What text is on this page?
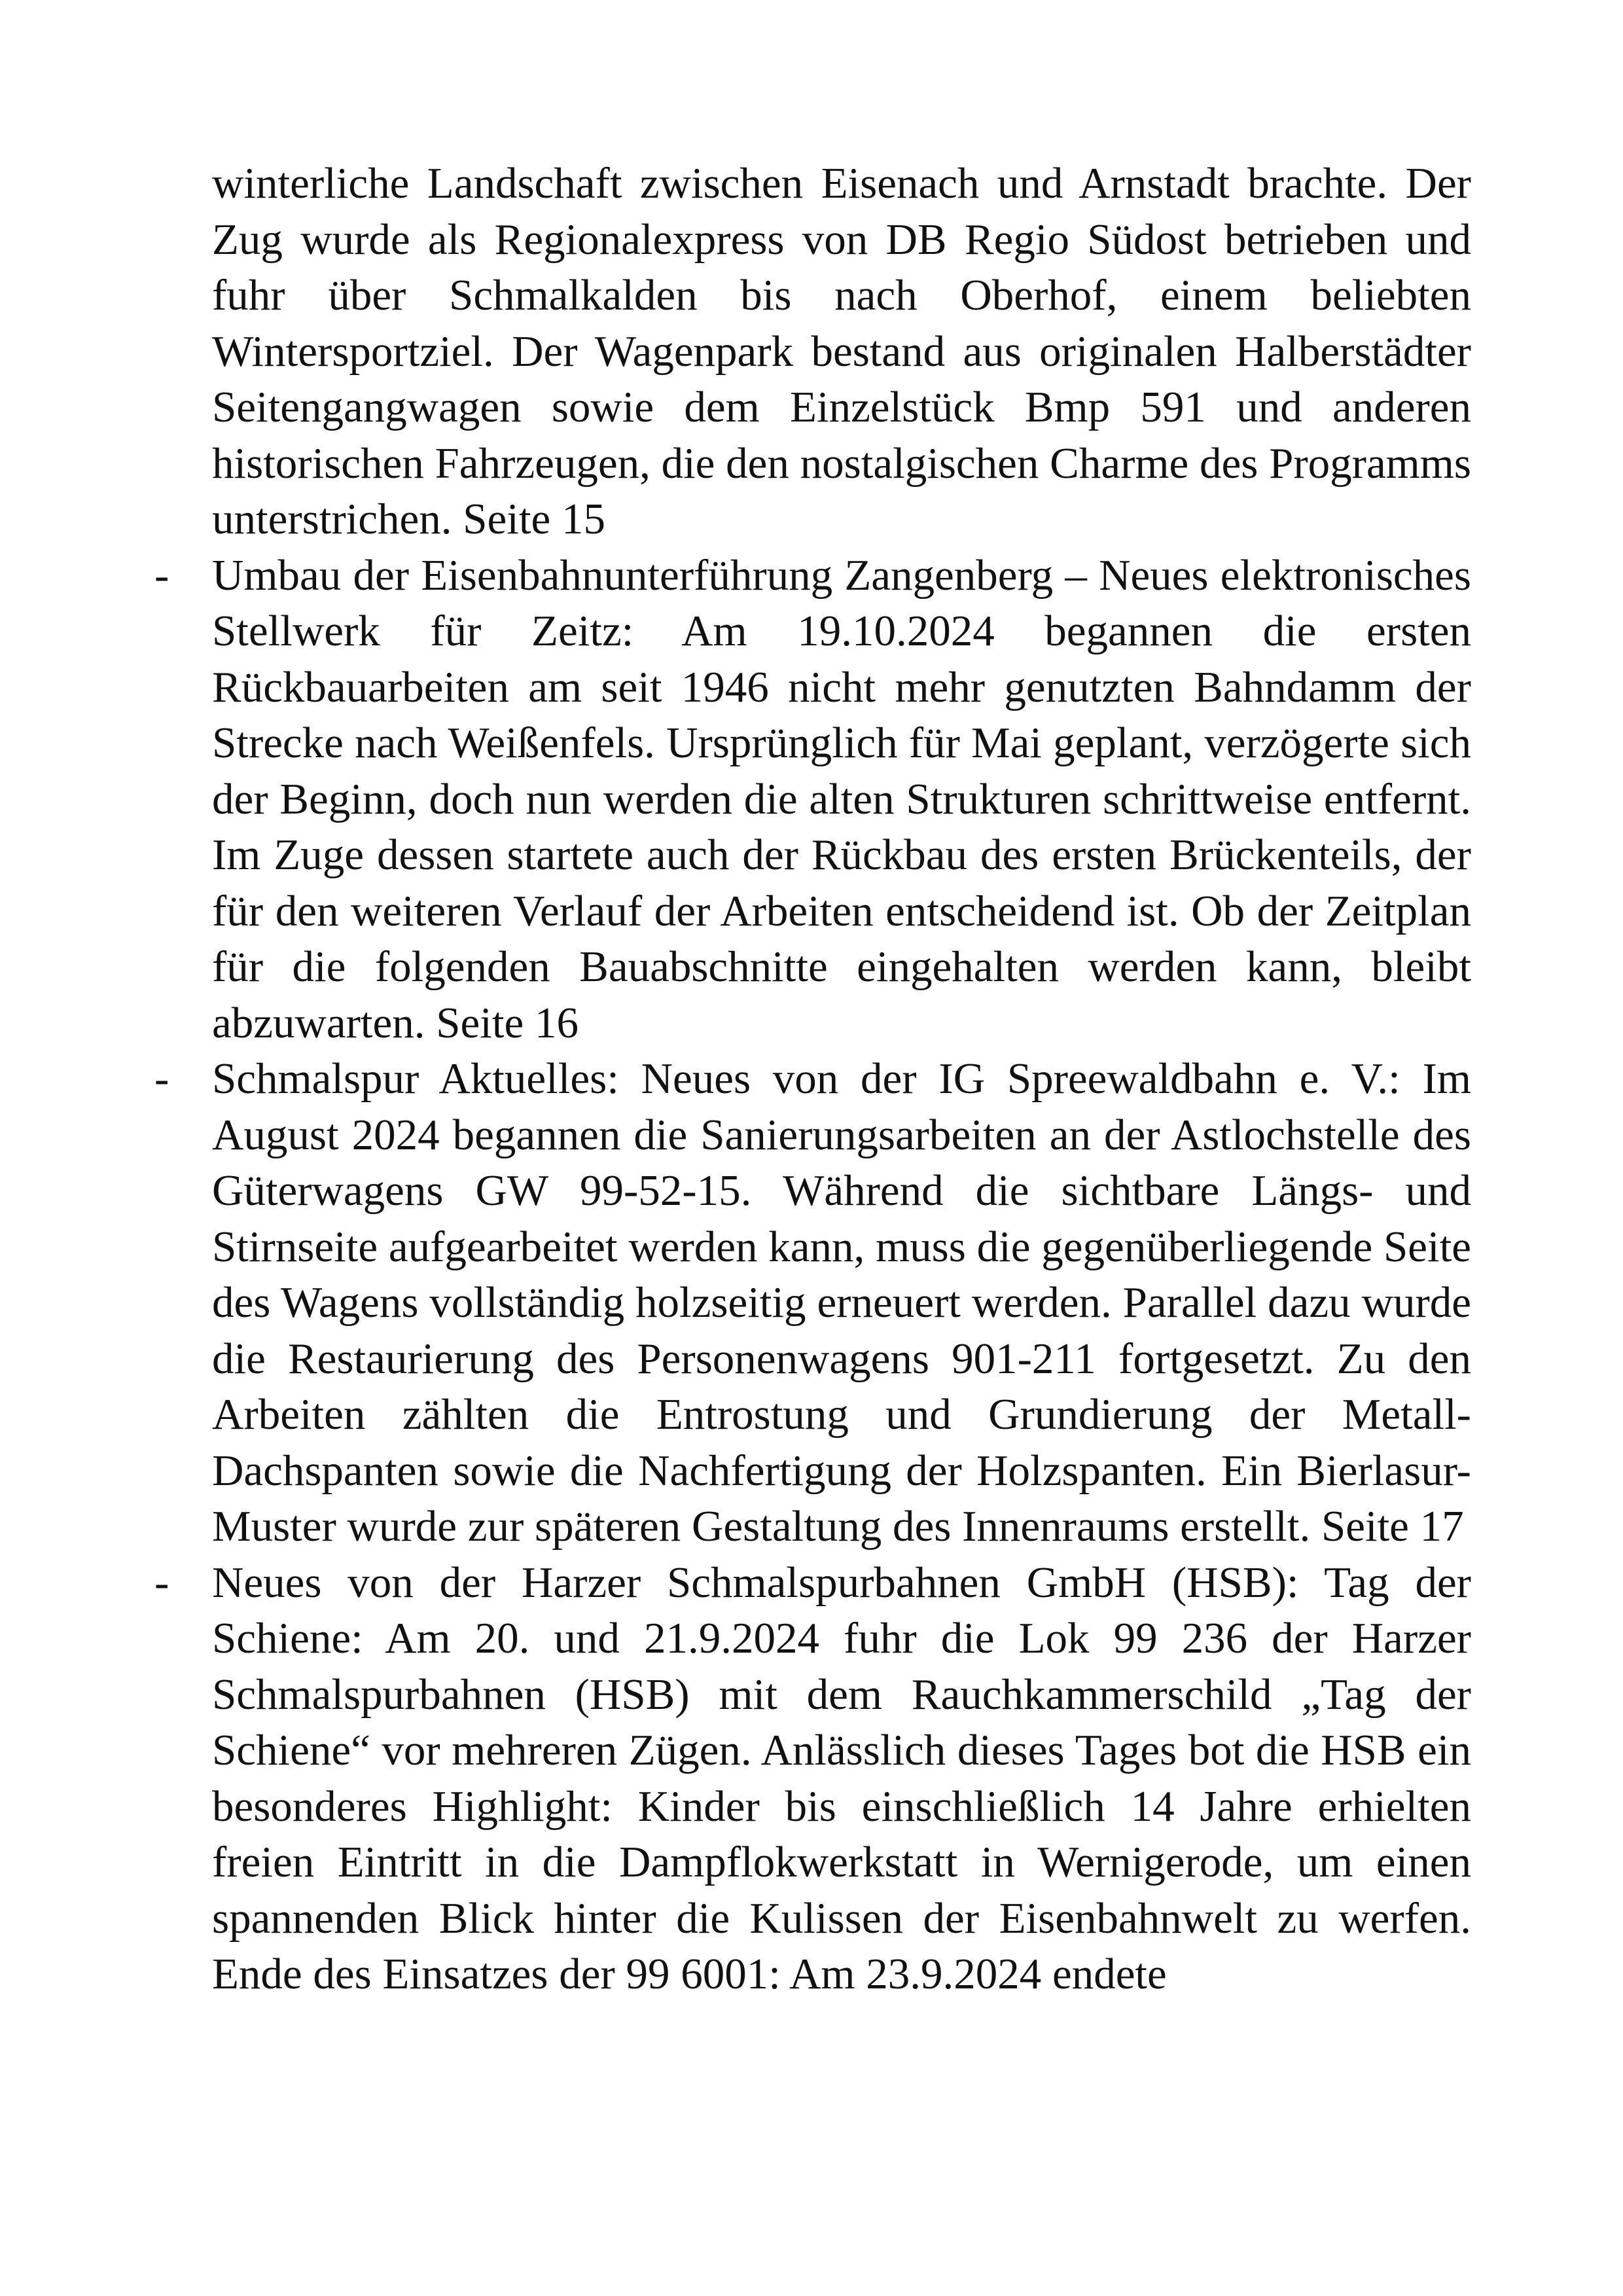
winterliche Landschaft zwischen Eisenach und Arnstadt brachte. Der Zug wurde als Regionalexpress von DB Regio Südost betrieben und fuhr über Schmalkalden bis nach Oberhof, einem beliebten Wintersportziel. Der Wagenpark bestand aus originalen Halberstädter Seitengangwagen sowie dem Einzelstück Bmp 591 und anderen historischen Fahrzeugen, die den nostalgischen Charme des Programms unterstrichen. Seite 15
- Umbau der Eisenbahnunterführung Zangenberg – Neues elektronisches Stellwerk für Zeitz: Am 19.10.2024 begannen die ersten Rückbauarbeiten am seit 1946 nicht mehr genutzten Bahndamm der Strecke nach Weißenfels. Ursprünglich für Mai geplant, verzögerte sich der Beginn, doch nun werden die alten Strukturen schrittweise entfernt. Im Zuge dessen startete auch der Rückbau des ersten Brückenteils, der für den weiteren Verlauf der Arbeiten entscheidend ist. Ob der Zeitplan für die folgenden Bauabschnitte eingehalten werden kann, bleibt abzuwarten. Seite 16
- Schmalspur Aktuelles: Neues von der IG Spreewaldbahn e. V.: Im August 2024 begannen die Sanierungsarbeiten an der Astlochstelle des Güterwagens GW 99-52-15. Während die sichtbare Längs- und Stirnseite aufgearbeitet werden kann, muss die gegenüberliegende Seite des Wagens vollständig holzseitig erneuert werden. Parallel dazu wurde die Restaurierung des Personenwagens 901-211 fortgesetzt. Zu den Arbeiten zählten die Entrostung und Grundierung der Metall-Dachspanten sowie die Nachfertigung der Holzspanten. Ein Bierlasur-Muster wurde zur späteren Gestaltung des Innenraums erstellt. Seite 17
- Neues von der Harzer Schmalspurbahnen GmbH (HSB): Tag der Schiene: Am 20. und 21.9.2024 fuhr die Lok 99 236 der Harzer Schmalspurbahnen (HSB) mit dem Rauchkammerschild „Tag der Schiene“ vor mehreren Zügen. Anlässlich dieses Tages bot die HSB ein besonderes Highlight: Kinder bis einschließlich 14 Jahre erhielten freien Eintritt in die Dampflokwerkstatt in Wernigerode, um einen spannenden Blick hinter die Kulissen der Eisenbahnwelt zu werfen. Ende des Einsatzes der 99 6001: Am 23.9.2024 endete
